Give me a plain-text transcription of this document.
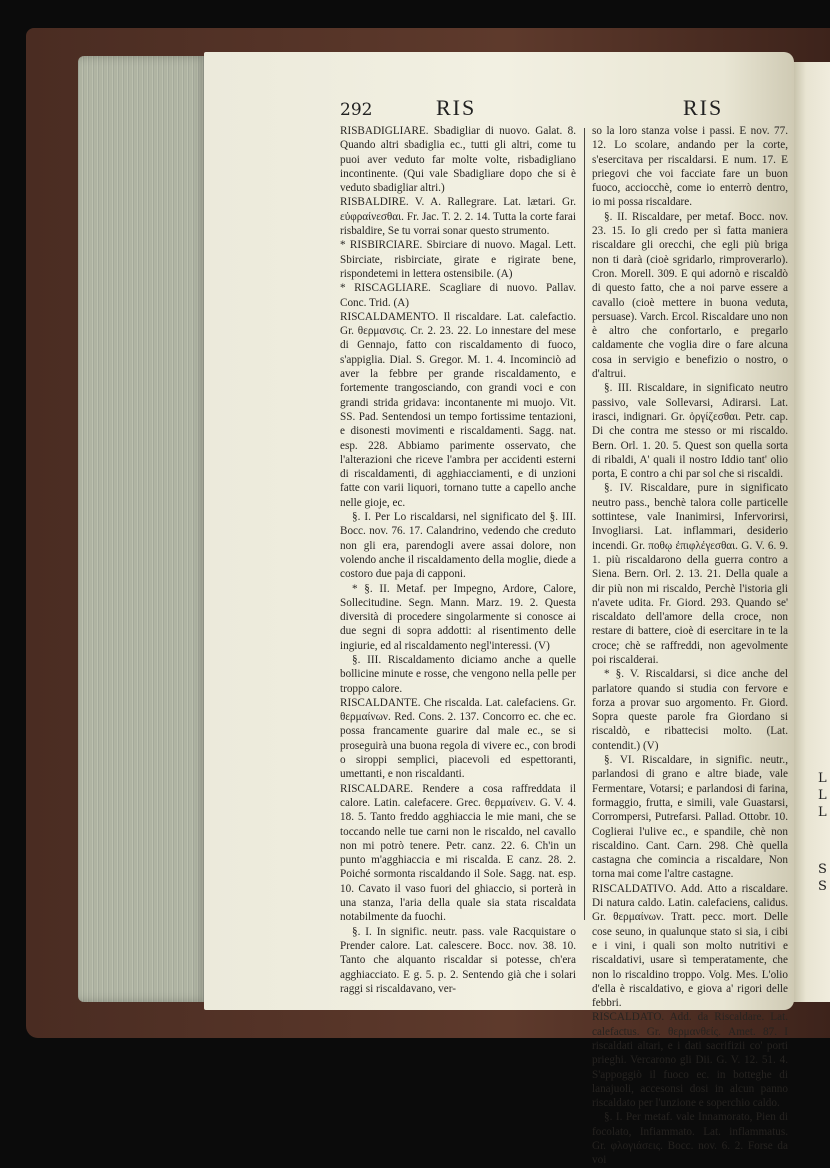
L
L
L
S
S
292	RIS	RIS

RISBADIGLIARE. Sbadigliar di nuovo. Galat. 8. Quando altri sbadiglia ec., tutti gli altri, come tu puoi aver veduto far molte volte, risbadigliano incontinente. (Qui vale Sbadigliare dopo che si è veduto sbadigliar altri.)

RISBALDIRE. V. A. Rallegrare. Lat. lætari. Gr. εὐφραίνεσθαι. Fr. Jac. T. 2. 2. 14. Tutta la corte farai risbaldire, Se tu vorrai sonar questo strumento.

* RISBIRCIARE. Sbirciare di nuovo. Magal. Lett. Sbirciate, risbirciate, girate e rigirate bene, rispondetemi in lettera ostensibile. (A)

* RISCAGLIARE. Scagliare di nuovo. Pallav. Conc. Trid. (A)

RISCALDAMENTO. Il riscaldare. Lat. calefactio. Gr. θερμανσις. Cr. 2. 23. 22. Lo innestare del mese di Gennajo, fatto con riscaldamento di fuoco, s'appiglia. Dial. S. Gregor. M. 1. 4. Incominciò ad aver la febbre per grande riscaldamento, e fortemente trangosciando, con grandi voci e con grandi strida gridava: incontanente mi muojo. Vit. SS. Pad. Sentendosi un tempo fortissime tentazioni, e disonesti movimenti e riscaldamenti. Sagg. nat. esp. 228. Abbiamo parimente osservato, che l'alterazioni che riceve l'ambra per accidenti esterni di riscaldamenti, di agghiacciamenti, e di unzioni fatte con varii liquori, tornano tutte a capello anche nelle gioje, ec.

§. I. Per Lo riscaldarsi, nel significato del §. III. Bocc. nov. 76. 17. Calandrino, vedendo che creduto non gli era, parendogli avere assai dolore, non volendo anche il riscaldamento della moglie, diede a costoro due paja di capponi.

* §. II. Metaf. per Impegno, Ardore, Calore, Sollecitudine. Segn. Mann. Marz. 19. 2. Questa diversità di procedere singolarmente si conosce ai due segni di sopra addotti: al risentimento delle ingiurie, ed al riscaldamento negl'interessi. (V)

§. III. Riscaldamento diciamo anche a quelle bollicine minute e rosse, che vengono nella pelle per troppo calore.

RISCALDANTE. Che riscalda. Lat. calefaciens. Gr. θερμαίνων. Red. Cons. 2. 137. Concorro ec. che ec. possa francamente guarire dal male ec., se si proseguirà una buona regola di vivere ec., con brodi o siroppi semplici, piacevoli ed espettoranti, umettanti, e non riscaldanti.

RISCALDARE. Rendere a cosa raffreddata il calore. Latin. calefacere. Grec. θερμαίνειν. G. V. 4. 18. 5. Tanto freddo agghiaccia le mie mani, che se toccando nelle tue carni non le riscaldo, nel cavallo non mi potrò tenere. Petr. canz. 22. 6. Ch'in un punto m'agghiaccia e mi riscalda. E canz. 28. 2. Poiché sormonta riscaldando il Sole. Sagg. nat. esp. 10. Cavato il vaso fuori del ghiaccio, si porterà in una stanza, l'aria della quale sia stata riscaldata notabilmente da fuochi.

§. I. In signific. neutr. pass. vale Racquistare o Prender calore. Lat. calescere. Bocc. nov. 38. 10. Tanto che alquanto riscaldar si potesse, ch'era agghiacciato. E g. 5. p. 2. Sentendo già che i solari raggi si riscaldavano, ver-

so la loro stanza volse i passi. E nov. 77. 12. Lo scolare, andando per la corte, s'esercitava per riscaldarsi. E num. 17. E priegovi che voi facciate fare un buon fuoco, acciocchè, come io enterrò dentro, io mi possa riscaldare.

§. II. Riscaldare, per metaf. Bocc. nov. 23. 15. Io gli credo per sì fatta maniera riscaldare gli orecchi, che egli più briga non ti darà (cioè sgridarlo, rimproverarlo). Cron. Morell. 309. E qui adornò e riscaldò di questo fatto, che a noi parve essere a cavallo (cioè mettere in buona veduta, persuase). Varch. Ercol. Riscaldare uno non è altro che confortarlo, e pregarlo caldamente che voglia dire o fare alcuna cosa in servigio e benefizio o nostro, o d'altrui.

§. III. Riscaldare, in significato neutro passivo, vale Sollevarsi, Adirarsi. Lat. irasci, indignari. Gr. ὀργίζεσθαι. Petr. cap. Di che contra me stesso or mi riscaldo. Bern. Orl. 1. 20. 5. Quest son quella sorta di ribaldi, A' quali il nostro Iddio tant' olio porta, E contro a chi par sol che si riscaldi.

§. IV. Riscaldare, pure in significato neutro pass., benchè talora colle particelle sottintese, vale Inanimirsi, Infervorirsi, Invogliarsi. Lat. inflammari, desiderio incendi. Gr. ποθῳ ἐπιφλέγεσθαι. G. V. 6. 9. 1. più riscaldarono della guerra contro a Siena. Bern. Orl. 2. 13. 21. Della quale a dir più non mi riscaldo, Perchè l'istoria gli n'avete udita. Fr. Giord. 293. Quando se' riscaldato dell'amore della croce, non restare di battere, cioè di esercitare in te la croce; chè se raffreddi, non agevolmente poi riscalderai.

* §. V. Riscaldarsi, si dice anche del parlatore quando si studia con fervore e forza a provar suo argomento. Fr. Giord. Sopra queste parole fra Giordano si riscaldò, e ribattecisi molto. (Lat. contendit.) (V)

§. VI. Riscaldare, in signific. neutr., parlandosi di grano e altre biade, vale Fermentare, Votarsi; e parlandosi di farina, formaggio, frutta, e simili, vale Guastarsi, Corrompersi, Putrefarsi. Pallad. Ottobr. 10. Coglierai l'ulive ec., e spandile, chè non riscaldino. Cant. Carn. 298. Chè quella castagna che comincia a riscaldare, Non torna mai come l'altre castagne.

RISCALDATIVO. Add. Atto a riscaldare. Di natura caldo. Latin. calefaciens, calidus. Gr. θερμαίνων. Tratt. pecc. mort. Delle cose seuno, in qualunque stato si sia, i cibi e i vini, i quali son molto nutritivi e riscaldativi, usare sì temperatamente, che non lo riscaldino troppo. Volg. Mes. L'olio d'ella è riscaldativo, e giova a' rigori delle febbri.

RISCALDATO. Add. da Riscaldare. Lat. calefactus. Gr. θερμανθείς. Amet. 87. I riscaldati altari, e i dati sacrifizii co' porti prieghi. Vercarono gli Dii. G. V. 12. 51. 4. S'appoggiò il fuoco ec. in botteghe di lanajuoli, accesonsi dosi in alcun panno riscaldato per l'unzione e soperchio caldo.

§. I. Per metaf. vale Innamorato, Pien di focolato, Infiammato. Lat. inflammatus. Gr. φλογιάσεις. Bocc. nov. 6. 2. Forse da voi
